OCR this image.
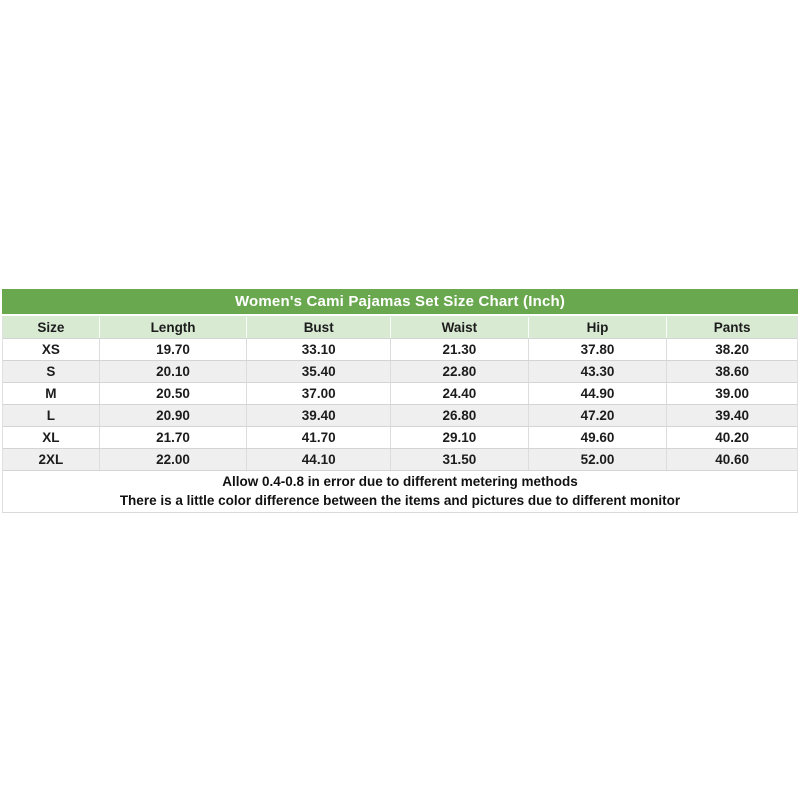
Women's Cami Pajamas Set Size Chart (Inch)
Size	Length	Bust	Waist	Hip	Pants
XS	19.70	33.10	21.30	37.80	38.20
S	20.10	35.40	22.80	43.30	38.60
M	20.50	37.00	24.40	44.90	39.00
L	20.90	39.40	26.80	47.20	39.40
XL	21.70	41.70	29.10	49.60	40.20
2XL	22.00	44.10	31.50	52.00	40.60
Allow 0.4-0.8 in error due to different metering methods
There is a little color difference between the items and pictures due to different monitor
